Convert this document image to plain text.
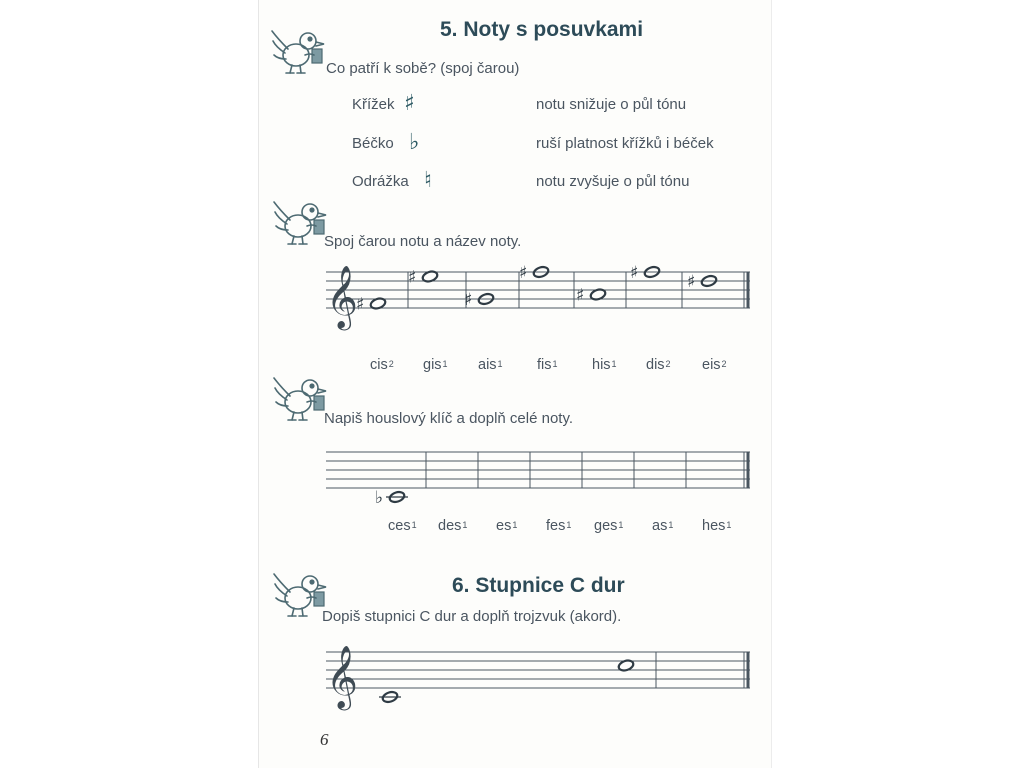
5. Noty s posuvkami
Co patří k sobě? (spoj čarou)
Křížek ♯
Béčko ♭
Odrážka ♮
notu snižuje o půl tónu
ruší platnost křížků i béček
notu zvyšuje o půl tónu
Spoj čarou notu a název noty.
𝄞
♯
♯
♯
♯
♯
♯	♯
♭
𝄞
cis$^2$ gis$^1$ ais$^1$ fis$^1$ his$^1$ dis$^2$ eis$^2$
Napiš houslový klíč a doplň celé noty.
ces$^1$ des$^1$ $es^1$ fes$^1$ ges$^1$ $as^1$ hes$^1$
6. Stupnice C dur
Dopiš stupnici C dur a doplň trojzvuk (akord).
6
